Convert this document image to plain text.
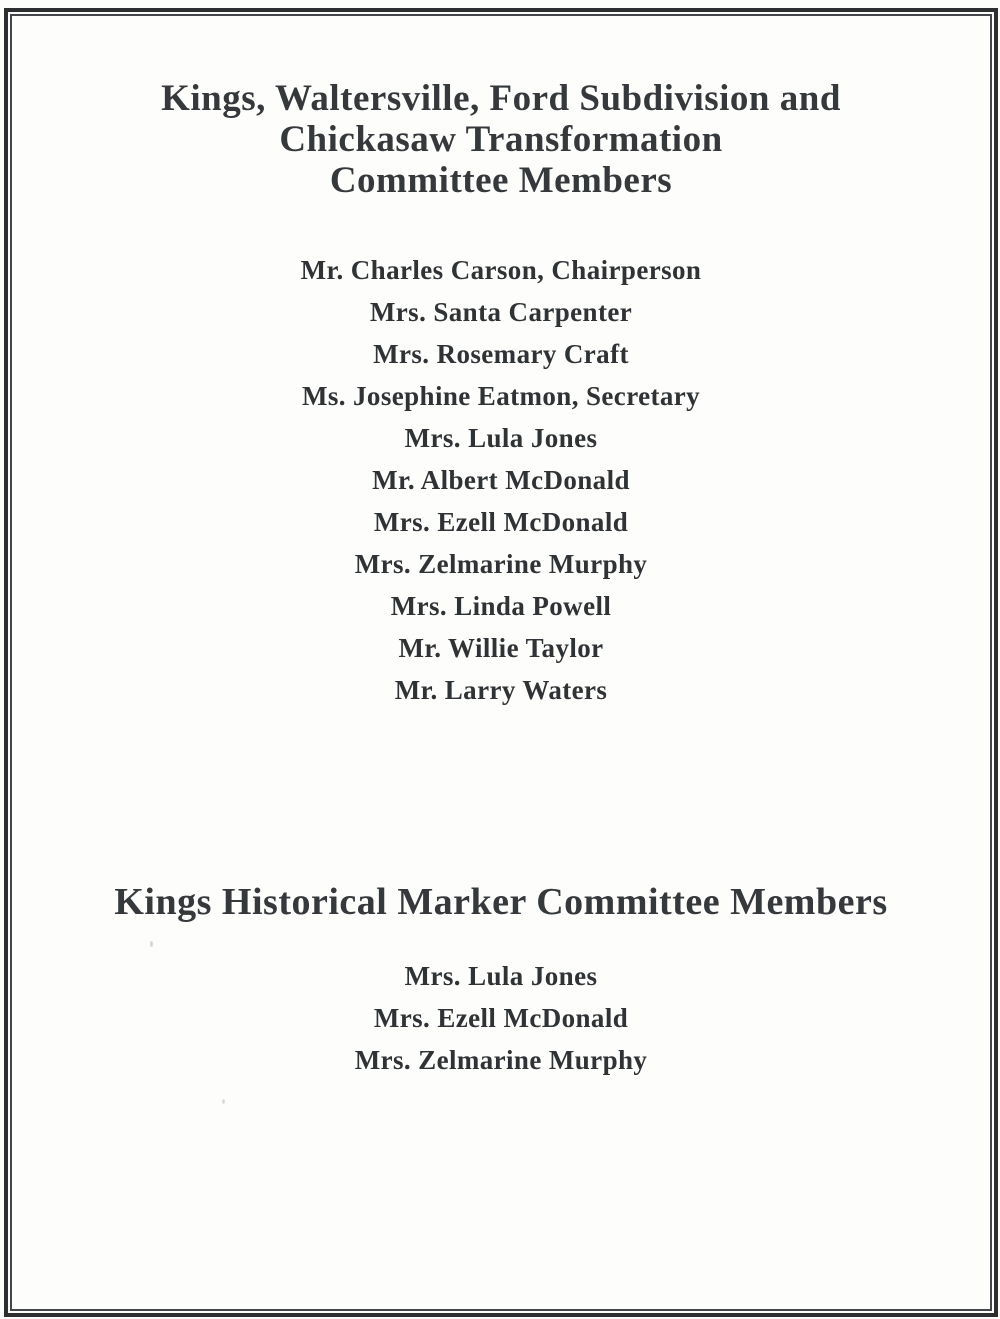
Kings, Waltersville, Ford Subdivision and
Chickasaw Transformation
Committee Members
Mr. Charles Carson, Chairperson
Mrs. Santa Carpenter
Mrs. Rosemary Craft
Ms. Josephine Eatmon, Secretary
Mrs. Lula Jones
Mr. Albert McDonald
Mrs. Ezell McDonald
Mrs. Zelmarine Murphy
Mrs. Linda Powell
Mr. Willie Taylor
Mr. Larry Waters
Kings Historical Marker Committee Members
Mrs. Lula Jones
Mrs. Ezell McDonald
Mrs. Zelmarine Murphy
